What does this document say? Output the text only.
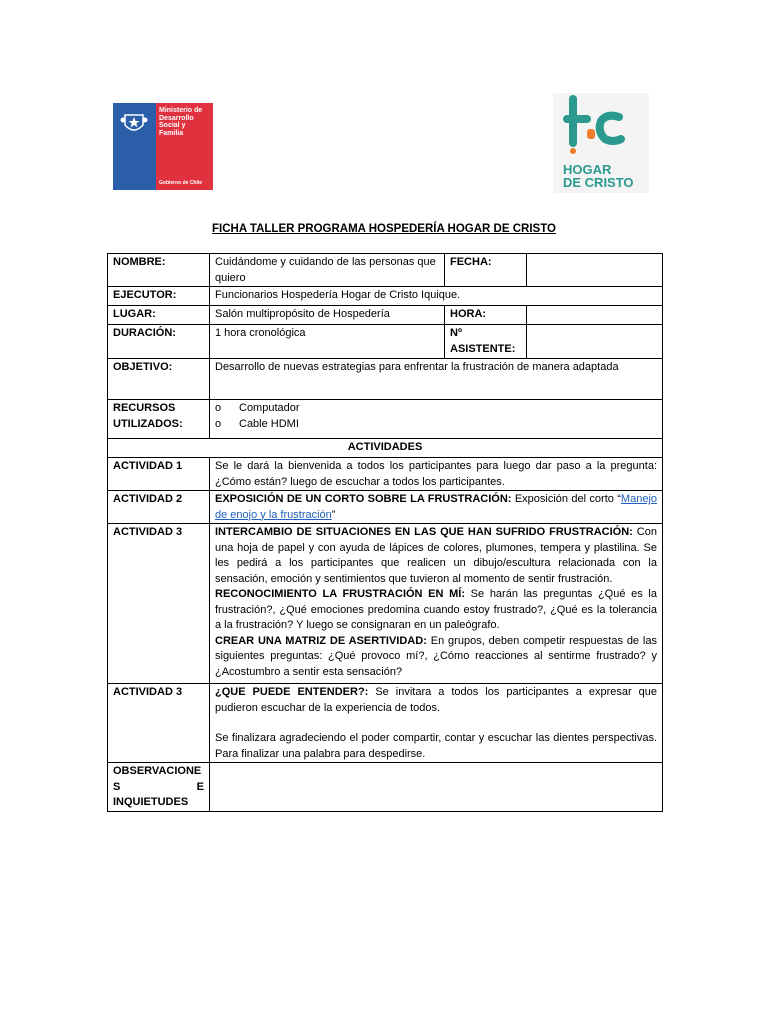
Ministerio de
Desarrollo
Social y
Familia
Gobierno de Chile
HOGAR
DE CRISTO
FICHA TALLER PROGRAMA HOSPEDERÍA HOGAR DE CRISTO
NOMBRE:	Cuidándome y cuidando de las personas que quiero	FECHA:	
EJECUTOR:	Funcionarios Hospedería Hogar de Cristo Iquique.		
LUGAR:	Salón multipropósito de Hospedería	HORA:	
DURACIÓN:	1 hora cronológica	Nº ASISTENTE:	
OBJETIVO:	Desarrollo de nuevas estrategias para enfrentar la frustración de manera adaptada		
RECURSOS UTILIZADOS:	o Computador
o Cable HDMI		

ACTIVIDADES			
ACTIVIDAD 1	Se le dará la bienvenida a todos los participantes para luego dar paso a la pregunta: ¿Cómo están? luego de escuchar a todos los participantes.		
ACTIVIDAD 2	EXPOSICIÓN DE UN CORTO SOBRE LA FRUSTRACIÓN: Exposición del corto “Manejo de enojo y la frustración”		
ACTIVIDAD 3	INTERCAMBIO DE SITUACIONES EN LAS QUE HAN SUFRIDO FRUSTRACIÓN: Con una hoja de papel y con ayuda de lápices de colores, plumones, tempera y plastilina. Se les pedirá a los participantes que realicen un dibujo/escultura relacionada con la sensación, emoción y sentimientos que tuvieron al momento de sentir frustración.
RECONOCIMIENTO LA FRUSTRACIÓN EN MÍ: Se harán las preguntas ¿Qué es la frustración?, ¿Qué emociones predomina cuando estoy frustrado?, ¿Qué es la tolerancia a la frustración? Y luego se consignaran en un paleógrafo.
CREAR UNA MATRIZ DE ASERTIVIDAD: En grupos, deben competir respuestas de las siguientes preguntas: ¿Qué provoco mí?, ¿Cómo reacciones al sentirme frustrado? y ¿Acostumbro a sentir esta sensación?		

ACTIVIDAD 3	¿QUE PUEDE ENTENDER?: Se invitara a todos los participantes a expresar que pudieron escuchar de la experiencia de todos.
Se finalizara agradeciendo el poder compartir, contar y escuchar las dientes perspectivas. Para finalizar una palabra para despedirse.		

OBSERVACIONE
S E
INQUIETUDES			
